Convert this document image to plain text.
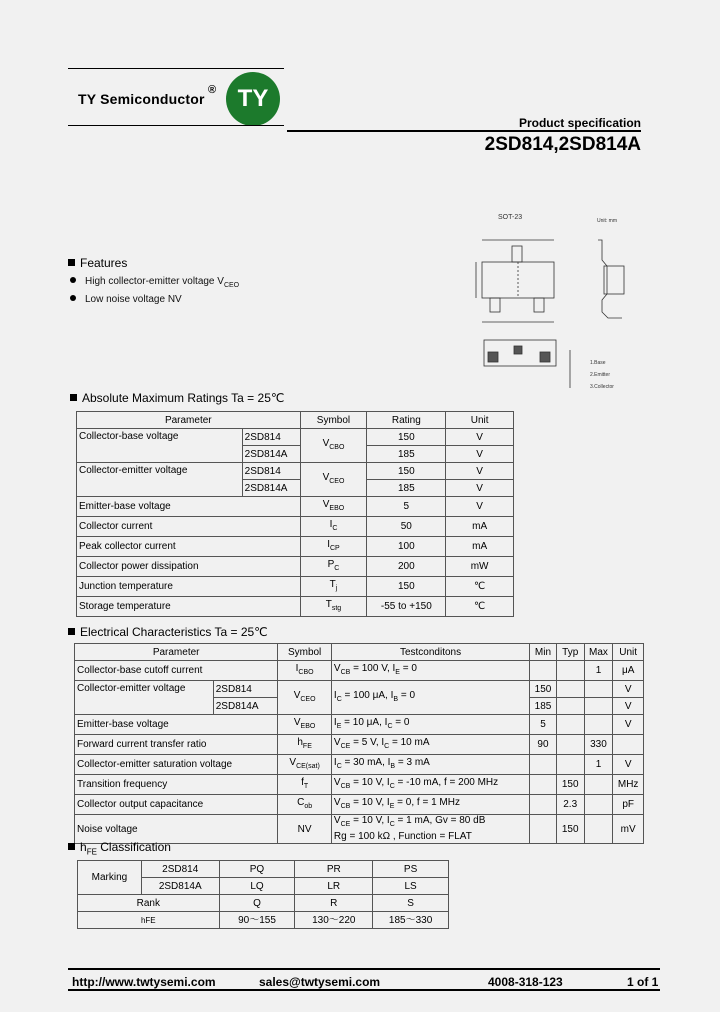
TY Semiconductor
® TY
Product specification
2SD814,2SD814A
SOT-23	Unit: mm
1.Base
2.Emitter
3.Collector
Features
High collector-emitter voltage $V_{CEO}$
Low noise voltage NV
Absolute Maximum Ratings Ta = 25℃
Parameter		Symbol	Rating	Unit
Collector-base voltage	2SD814	$V_{CBO}$	150	V
	2SD814A		185	V
Collector-emitter voltage	2SD814	$V_{CEO}$	150	V
	2SD814A		185	V
Emitter-base voltage		$V_{EBO}$	5	V
Collector current		$I_C$	50	mA
Peak collector current		$I_{CP}$	100	mA
Collector power dissipation		$P_C$	200	mW
Junction temperature		$T_j$	150	℃
Storage temperature		$T_{stg}$	-55 to +150	℃
Electrical Characteristics Ta = 25℃
Parameter		Symbol	Testconditons	Min	Typ	Max	Unit
Collector-base cutoff current		$I_{CBO}$	$V_{CB} = 100$ V, $I_E = 0$			1	μA
Collector-emitter voltage	2SD814	$V_{CEO}$	$I_C = 100$ μA, $I_B = 0$	150			V
	2SD814A			185			V
Emitter-base voltage		$V_{EBO}$	$I_E = 10$ μA, $I_C = 0$	5			V
Forward current transfer ratio		$h_{FE}$	$V_{CE} = 5$ V, $I_C = 10$ mA	90		330	
Collector-emitter saturation voltage		$V_{CE(sat)}$	$I_C = 30$ mA, $I_B = 3$ mA			1	V
Transition frequency		$f_T$	$V_{CB} = 10$ V, $I_C = -10$ mA, f = 200 MHz		150		MHz
Collector output capacitance		$C_{ob}$	$V_{CB} = 10$ V, $I_E = 0$, f = 1 MHz		2.3		pF
Noise voltage		NV	$V_{CE} = 10$ V, $I_C = 1$ mA, Gv = 80 dB
Rg = 100 kΩ , Function = FLAT		150		mV
$h_{FE}$ Classification
Marking	2SD814	PQ	PR	PS
	2SD814A	LQ	LR	LS
Rank		Q	R	S
hFE		90～155	130～220	185～330
http://www.twtysemi.com	sales@twtysemi.com	4008-318-123	1 of 1
